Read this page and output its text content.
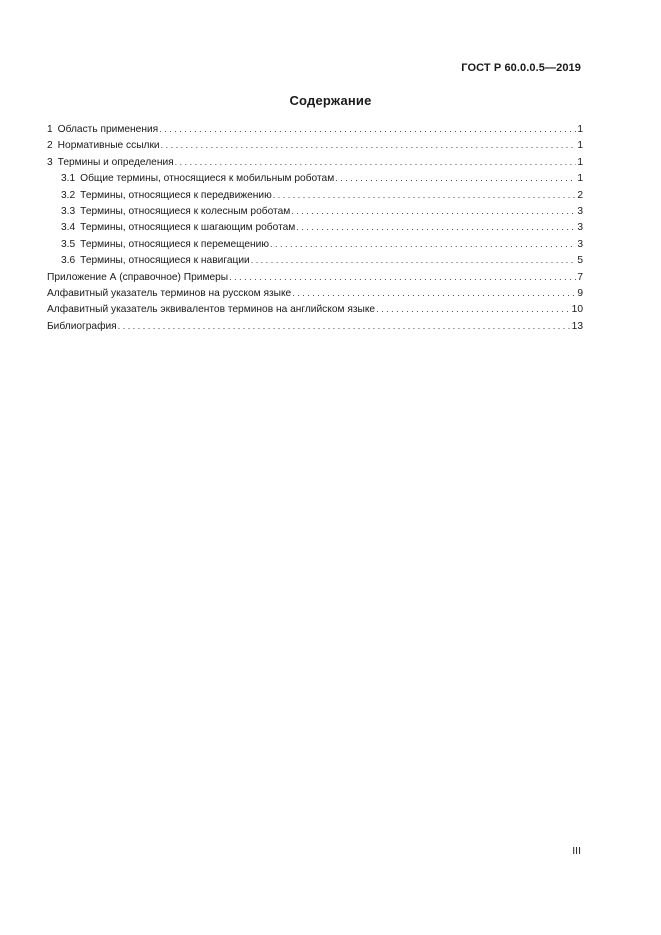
ГОСТ Р 60.0.0.5—2019
Содержание
1 Область применения . . .	1
2 Нормативные ссылки . . .	1
3 Термины и определения . . .	1
3.1 Общие термины, относящиеся к мобильным роботам . . .	1
3.2 Термины, относящиеся к передвижению . . .	2
3.3 Термины, относящиеся к колесным роботам . . .	3
3.4 Термины, относящиеся к шагающим роботам . . .	3
3.5 Термины, относящиеся к перемещению . . .	3
3.6 Термины, относящиеся к навигации . . .	5
Приложение А (справочное) Примеры . . .	7
Алфавитный указатель терминов на русском языке . . .	9
Алфавитный указатель эквивалентов терминов на английском языке . . .	10
Библиография . . .	13
III
